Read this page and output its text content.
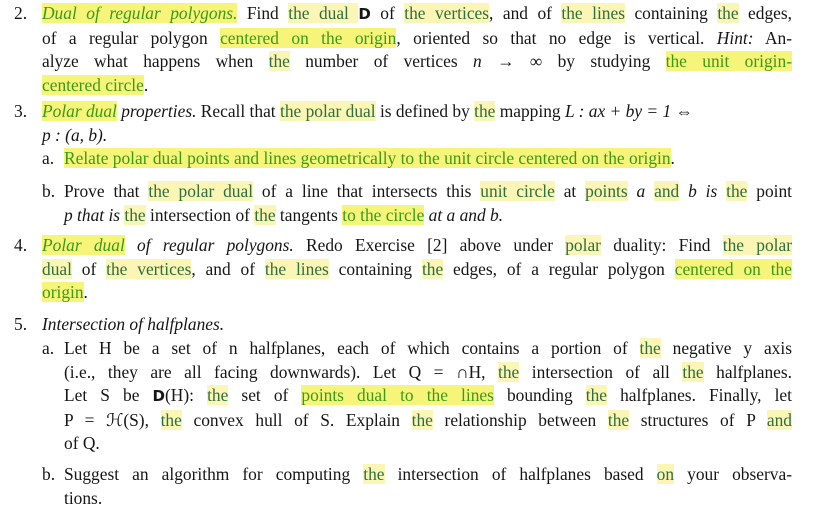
2. Dual of regular polygons. Find the dual D of the vertices, and of the lines containing the edges,
of a regular polygon centered on the origin, oriented so that no edge is vertical. Hint: An-
alyze what happens when the number of vertices n → ∞ by studying the unit origin-
centered circle.
3. Polar dual properties. Recall that the polar dual is defined by the mapping L : ax + by = 1 ⇔
p : (a, b).
a. Relate polar dual points and lines geometrically to the unit circle centered on the origin.
b. Prove that the polar dual of a line that intersects this unit circle at points a and b is the point
p that is the intersection of the tangents to the circle at a and b.
4. Polar dual of regular polygons. Redo Exercise [2] above under polar duality: Find the polar
dual of the vertices, and of the lines containing the edges, of a regular polygon centered on the
origin.
5. Intersection of halfplanes.
a. Let H be a set of n halfplanes, each of which contains a portion of the negative y axis
(i.e., they are all facing downwards). Let Q = ∩H, the intersection of all the halfplanes.
Let S be D(H): the set of points dual to the lines bounding the halfplanes. Finally, let
P = ℋ(S), the convex hull of S. Explain the relationship between the structures of P and
of Q.
b. Suggest an algorithm for computing the intersection of halfplanes based on your observa-
tions.
